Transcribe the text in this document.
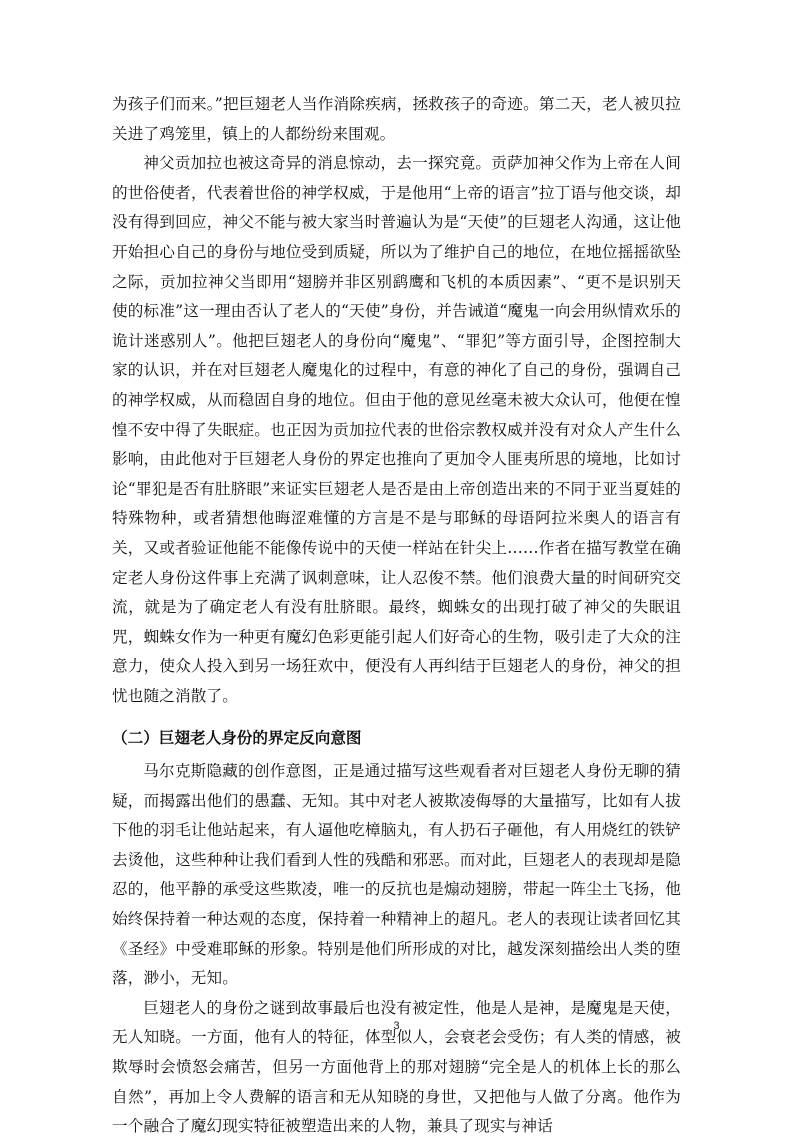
为孩子们而来。”把巨翅老人当作消除疾病，拯救孩子的奇迹。第二天，老人被贝拉关进了鸡笼里，镇上的人都纷纷来围观。

神父贡加拉也被这奇异的消息惊动，去一探究竟。贡萨加神父作为上帝在人间的世俗使者，代表着世俗的神学权威，于是他用“上帝的语言”拉丁语与他交谈，却没有得到回应，神父不能与被大家当时普遍认为是“天使”的巨翅老人沟通，这让他开始担心自己的身份与地位受到质疑，所以为了维护自己的地位，在地位摇摇欲坠之际，贡加拉神父当即用“翅膀并非区别鹞鹰和飞机的本质因素”、“更不是识别天使的标准”这一理由否认了老人的“天使”身份，并告诫道“魔鬼一向会用纵情欢乐的诡计迷惑别人”。他把巨翅老人的身份向“魔鬼”、“罪犯”等方面引导，企图控制大家的认识，并在对巨翅老人魔鬼化的过程中，有意的神化了自己的身份，强调自己的神学权威，从而稳固自身的地位。但由于他的意见丝毫未被大众认可，他便在惶惶不安中得了失眠症。也正因为贡加拉代表的世俗宗教权威并没有对众人产生什么影响，由此他对于巨翅老人身份的界定也推向了更加令人匪夷所思的境地，比如讨论“罪犯是否有肚脐眼”来证实巨翅老人是否是由上帝创造出来的不同于亚当夏娃的特殊物种，或者猜想他晦涩难懂的方言是不是与耶稣的母语阿拉米奥人的语言有关，又或者验证他能不能像传说中的天使一样站在针尖上……作者在描写教堂在确定老人身份这件事上充满了讽刺意味，让人忍俊不禁。他们浪费大量的时间研究交流，就是为了确定老人有没有肚脐眼。最终，蜘蛛女的出现打破了神父的失眠诅咒，蜘蛛女作为一种更有魔幻色彩更能引起人们好奇心的生物，吸引走了大众的注意力，使众人投入到另一场狂欢中，便没有人再纠结于巨翅老人的身份，神父的担忧也随之消散了。

（二）巨翅老人身份的界定反向意图

马尔克斯隐藏的创作意图，正是通过描写这些观看者对巨翅老人身份无聊的猜疑，而揭露出他们的愚蠢、无知。其中对老人被欺凌侮辱的大量描写，比如有人拔下他的羽毛让他站起来，有人逼他吃樟脑丸，有人扔石子砸他，有人用烧红的铁铲去烫他，这些种种让我们看到人性的残酷和邪恶。而对此，巨翅老人的表现却是隐忍的，他平静的承受这些欺凌，唯一的反抗也是煽动翅膀，带起一阵尘土飞扬，他始终保持着一种达观的态度，保持着一种精神上的超凡。老人的表现让读者回忆其《圣经》中受难耶稣的形象。特别是他们所形成的对比，越发深刻描绘出人类的堕落，渺小，无知。

巨翅老人的身份之谜到故事最后也没有被定性，他是人是神，是魔鬼是天使，无人知晓。一方面，他有人的特征，体型似人，会衰老会受伤；有人类的情感，被欺辱时会愤怒会痛苦，但另一方面他背上的那对翅膀“完全是人的机体上长的那么自然”，再加上令人费解的语言和无从知晓的身世，又把他与人做了分离。他作为一个融合了魔幻现实特征被塑造出来的人物，兼具了现实与神话

3
